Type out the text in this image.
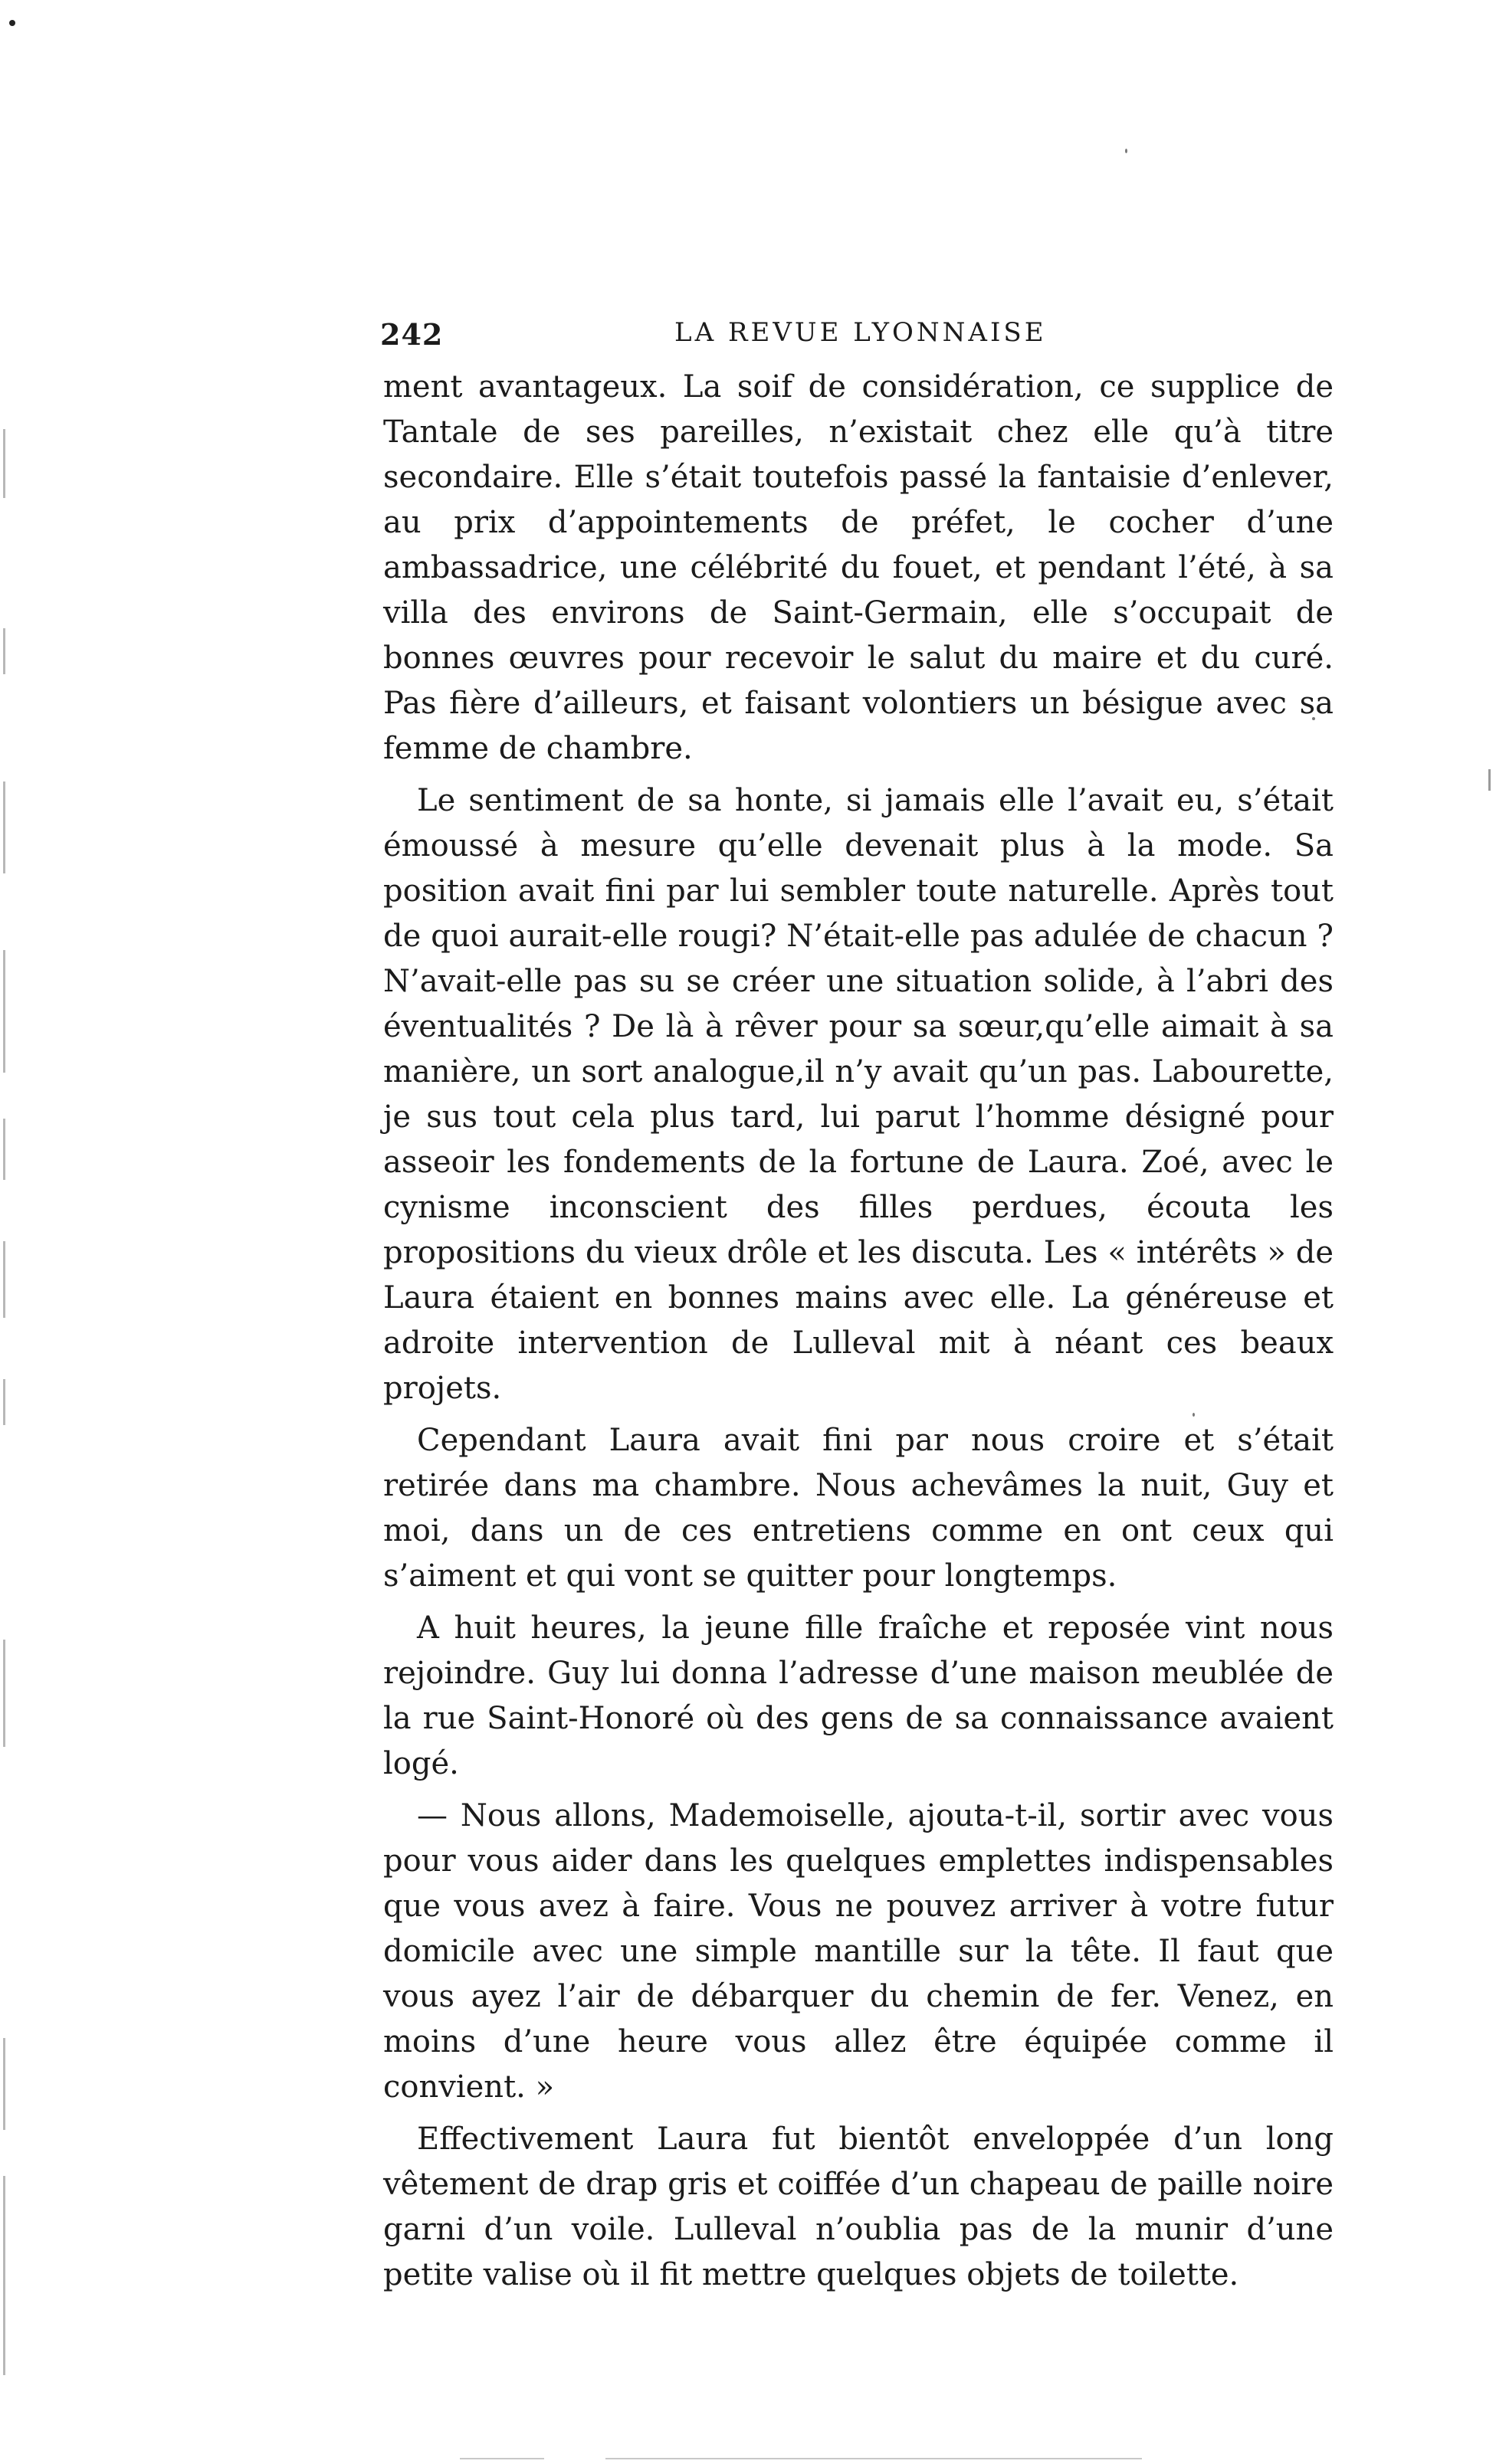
242	LA REVUE LYONNAISE

ment avantageux. La soif de considération, ce supplice de Tantale de ses pareilles, n’existait chez elle qu’à titre secondaire. Elle s’était toutefois passé la fantaisie d’enlever, au prix d’appointements de préfet, le cocher d’une ambassadrice, une célébrité du fouet, et pendant l’été, à sa villa des environs de Saint-Germain, elle s’occupait de bonnes œuvres pour recevoir le salut du maire et du curé. Pas fière d’ailleurs, et faisant volontiers un bésigue avec sa femme de chambre.

Le sentiment de sa honte, si jamais elle l’avait eu, s’était émoussé à mesure qu’elle devenait plus à la mode. Sa position avait fini par lui sembler toute naturelle. Après tout de quoi aurait-elle rougi? N’était-elle pas adulée de chacun ? N’avait-elle pas su se créer une situation solide, à l’abri des éventualités ? De là à rêver pour sa sœur,qu’elle aimait à sa manière, un sort analogue,il n’y avait qu’un pas. Labourette, je sus tout cela plus tard, lui parut l’homme désigné pour asseoir les fondements de la fortune de Laura. Zoé, avec le cynisme inconscient des filles perdues, écouta les propositions du vieux drôle et les discuta. Les « intérêts » de Laura étaient en bonnes mains avec elle. La généreuse et adroite intervention de Lulleval mit à néant ces beaux projets.

Cependant Laura avait fini par nous croire et s’était retirée dans ma chambre. Nous achevâmes la nuit, Guy et moi, dans un de ces entretiens comme en ont ceux qui s’aiment et qui vont se quitter pour longtemps.

A huit heures, la jeune fille fraîche et reposée vint nous rejoindre. Guy lui donna l’adresse d’une maison meublée de la rue Saint-Honoré où des gens de sa connaissance avaient logé.

— Nous allons, Mademoiselle, ajouta-t-il, sortir avec vous pour vous aider dans les quelques emplettes indispensables que vous avez à faire. Vous ne pouvez arriver à votre futur domicile avec une simple mantille sur la tête. Il faut que vous ayez l’air de débarquer du chemin de fer. Venez, en moins d’une heure vous allez être équipée comme il convient. »

Effectivement Laura fut bientôt enveloppée d’un long vêtement de drap gris et coiffée d’un chapeau de paille noire garni d’un voile. Lulleval n’oublia pas de la munir d’une petite valise où il fit mettre quelques objets de toilette.
